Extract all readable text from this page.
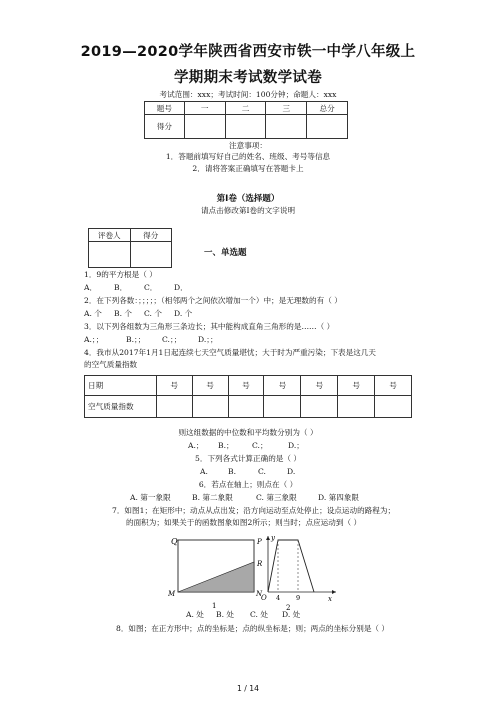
2019—2020学年陕西省西安市铁一中学八年级上
学期期末考试数学试卷
考试范围：xxx；考试时间：100分钟；命题人：xxx
题号	一	二	三	总分
得分				
注意事项：
1．答题前填写好自己的姓名、班级、考号等信息
2．请将答案正确填写在答题卡上
第I卷（选择题）
请点击修改第I卷的文字说明
评卷人	得分

一、单选题
1．9的平方根是（ ）
A． B． C． D．
2．在下列各数：；；；；；（相邻两个之间依次增加一个）中；是无理数的有（ ）
A. 个 B. 个 C. 个 D. 个
3．以下列各组数为三角形三条边长；其中能构成直角三角形的是……（ ）
A.；；	B.；； C.；； D.；；
4．我市从2017年1月1日起连续七天空气质量堪忧；大于时为严重污染；下表是这几天
的空气质量指数
日期	号	号	号	号	号	号	号
空气质量指数							
则这组数据的中位数和平均数分别为（ ）
A.； B.； C.；	D.；
5．下列各式计算正确的是（ ）
A.	B.	C.	D.
6．若点在轴上；则点在（ ）
A. 第一象限	B. 第二象限	C. 第三象限	D. 第四象限
7．如图1；在矩形中；动点从点出发；沿方向运动至点处停止；设点运动的路程为；
的面积为；如果关于的函数图象如图2所示；则当时；点应运动到（ ）
Q	P
R
M	N
1
y
x
O 4 9
2
A. 处 B. 处 C. 处 D. 处
8．如图；在正方形中；点的坐标是；点的纵坐标是；则；两点的坐标分别是（ ）
1 / 14
